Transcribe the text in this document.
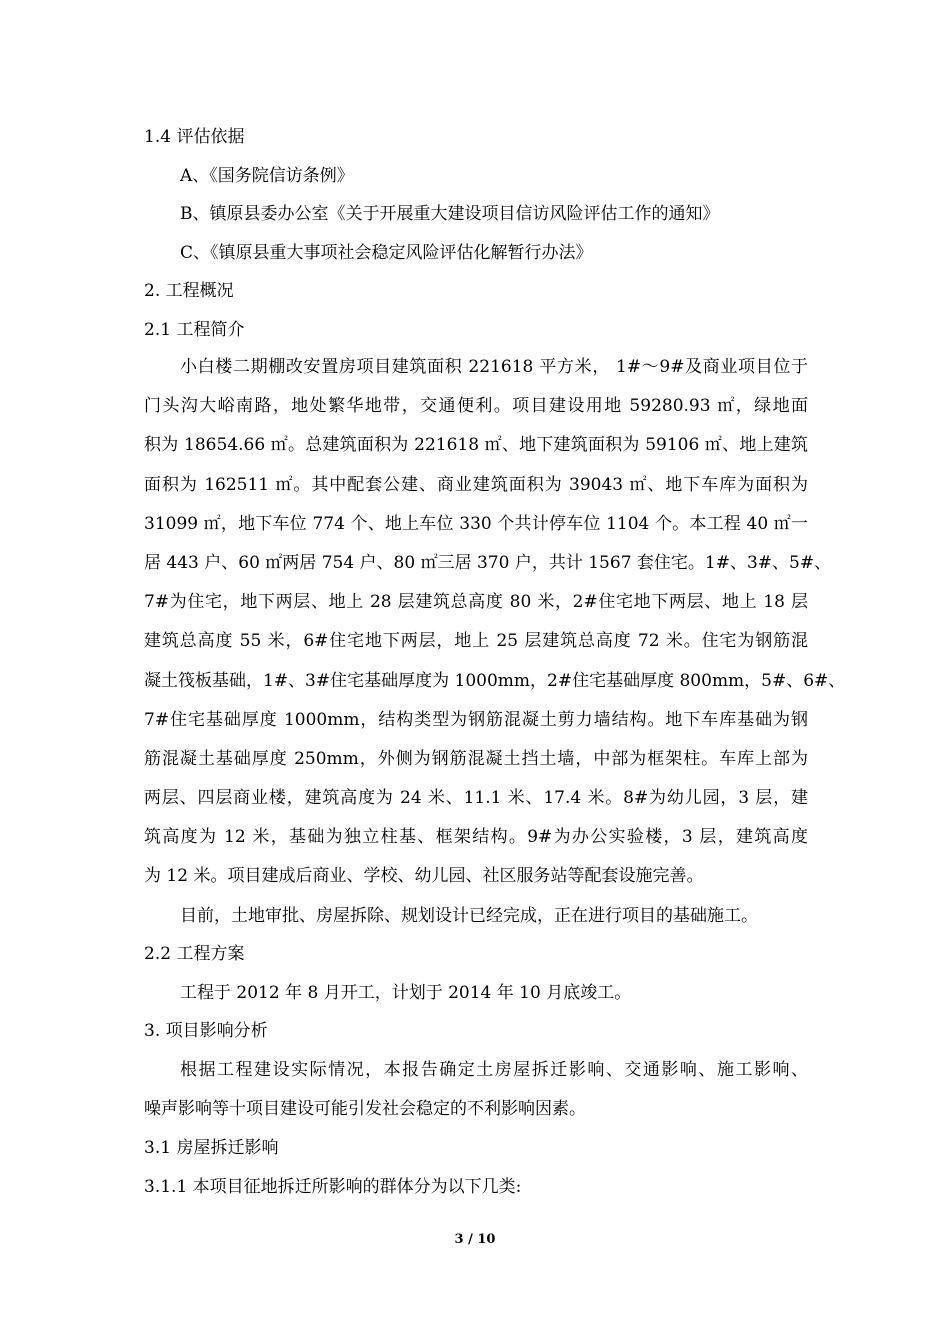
1.4 评估依据
A、《国务院信访条例》
B、镇原县委办公室《关于开展重大建设项目信访风险评估工作的通知》
C、《镇原县重大事项社会稳定风险评估化解暂行办法》
2. 工程概况
2.1 工程简介
小白楼二期棚改安置房项目建筑面积 221618 平方米， 1#～9#及商业项目位于
门头沟大峪南路，地处繁华地带，交通便利。项目建设用地 59280.93 ㎡，绿地面
积为 18654.66 ㎡。总建筑面积为 221618 ㎡、地下建筑面积为 59106 ㎡、地上建筑
面积为 162511 ㎡。其中配套公建、商业建筑面积为 39043 ㎡、地下车库为面积为
31099 ㎡，地下车位 774 个、地上车位 330 个共计停车位 1104 个。本工程 40 ㎡一
居 443 户、60 ㎡两居 754 户、80 ㎡三居 370 户，共计 1567 套住宅。1#、3#、5#、
7#为住宅，地下两层、地上 28 层建筑总高度 80 米，2#住宅地下两层、地上 18 层
建筑总高度 55 米，6#住宅地下两层，地上 25 层建筑总高度 72 米。住宅为钢筋混
凝土筏板基础，1#、3#住宅基础厚度为 1000mm，2#住宅基础厚度 800mm，5#、6#、
7#住宅基础厚度 1000mm，结构类型为钢筋混凝土剪力墙结构。地下车库基础为钢
筋混凝土基础厚度 250mm，外侧为钢筋混凝土挡土墙，中部为框架柱。车库上部为
两层、四层商业楼，建筑高度为 24 米、11.1 米、17.4 米。8#为幼儿园，3 层，建
筑高度为 12 米，基础为独立柱基、框架结构。9#为办公实验楼，3 层，建筑高度
为 12 米。项目建成后商业、学校、幼儿园、社区服务站等配套设施完善。
目前，土地审批、房屋拆除、规划设计已经完成，正在进行项目的基础施工。
2.2 工程方案
工程于 2012 年 8 月开工，计划于 2014 年 10 月底竣工。
3. 项目影响分析
根据工程建设实际情况，本报告确定土房屋拆迁影响、交通影响、施工影响、
噪声影响等十项目建设可能引发社会稳定的不利影响因素。
3.1 房屋拆迁影响
3.1.1 本项目征地拆迁所影响的群体分为以下几类:
3 / 10
